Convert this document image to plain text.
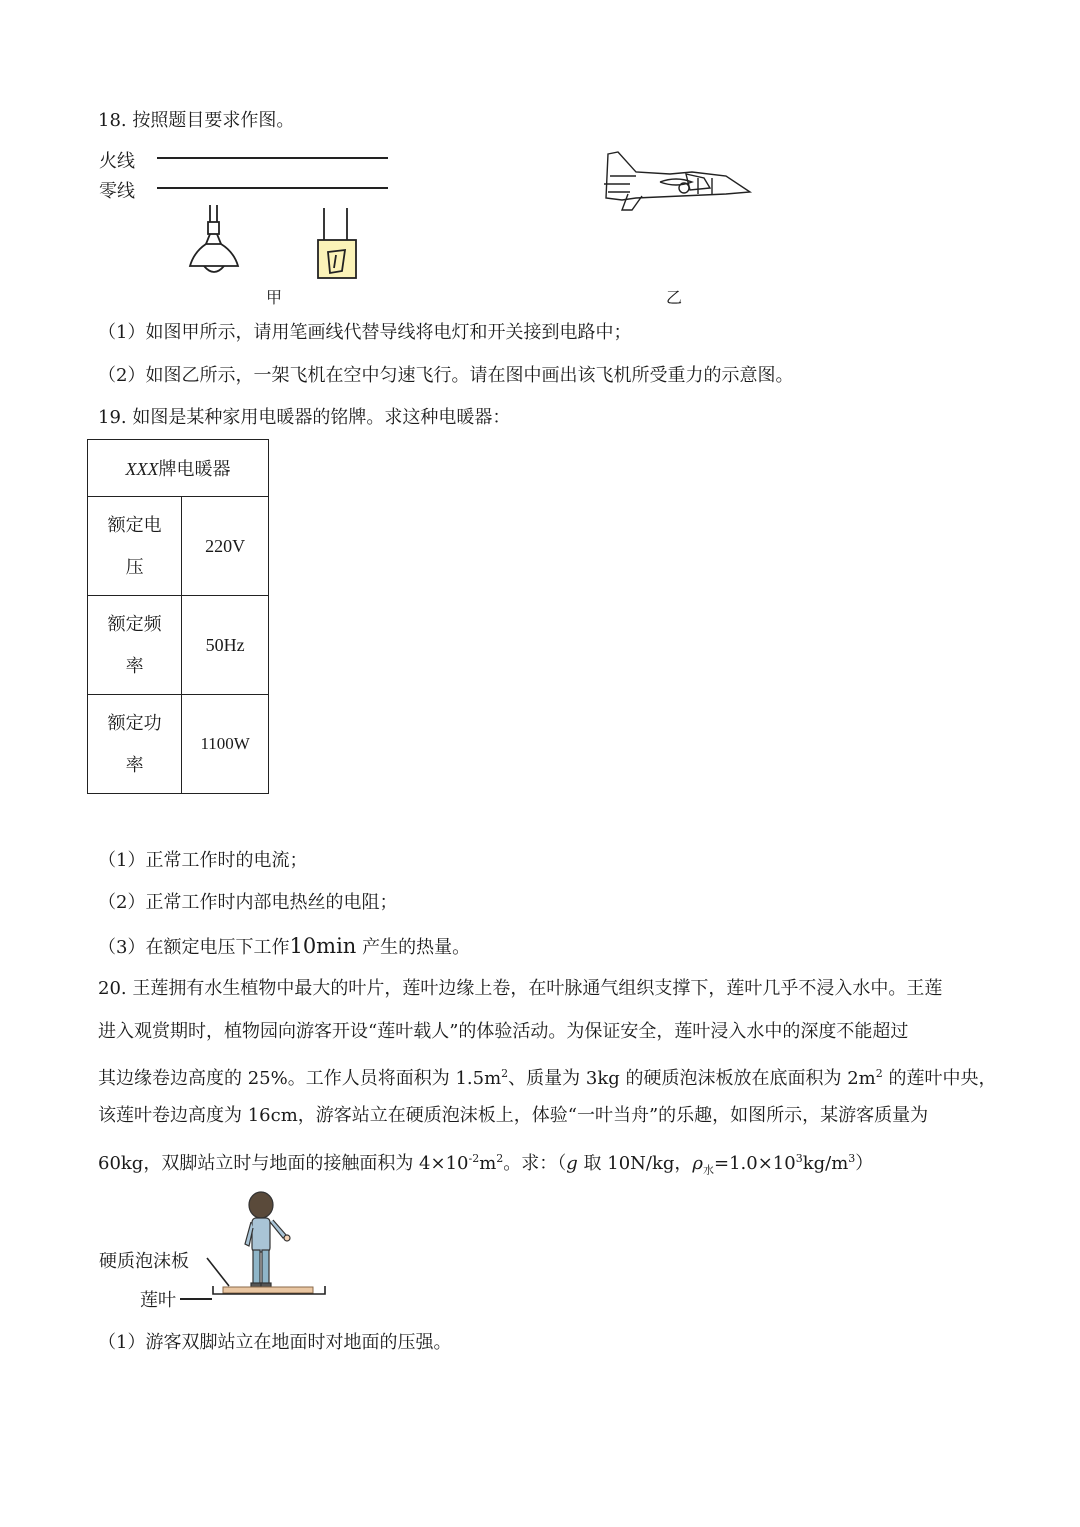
18. 按照题目要求作图。
火线
零线
甲	乙
（1）如图甲所示，请用笔画线代替导线将电灯和开关接到电路中；
（2）如图乙所示，一架飞机在空中匀速飞行。请在图中画出该飞机所受重力的示意图。
19. 如图是某种家用电暖器的铭牌。求这种电暖器：
XXX牌电暖器	

额定电
压	220V

额定频
率	50Hz

额定功
率	1100W
（1）正常工作时的电流；
（2）正常工作时内部电热丝的电阻；
（3）在额定电压下工作10min 产生的热量。
20. 王莲拥有水生植物中最大的叶片，莲叶边缘上卷，在叶脉通气组织支撑下，莲叶几乎不浸入水中。王莲
进入观赏期时，植物园向游客开设“莲叶载人”的体验活动。为保证安全，莲叶浸入水中的深度不能超过
其边缘卷边高度的 25%。工作人员将面积为 $1.5m^2$、质量为 3kg 的硬质泡沫板放在底面积为 $2m^2$ 的莲叶中央，
该莲叶卷边高度为 16cm，游客站立在硬质泡沫板上，体验“一叶当舟”的乐趣，如图所示，某游客质量为
60kg，双脚站立时与地面的接触面积为 $4\times 10^{-2}m^2$。求：（g 取 10N/kg，$\rho_水=1.0\times 10^3kg/m^3$）
硬质泡沫板
莲叶
（1）游客双脚站立在地面时对地面的压强。
